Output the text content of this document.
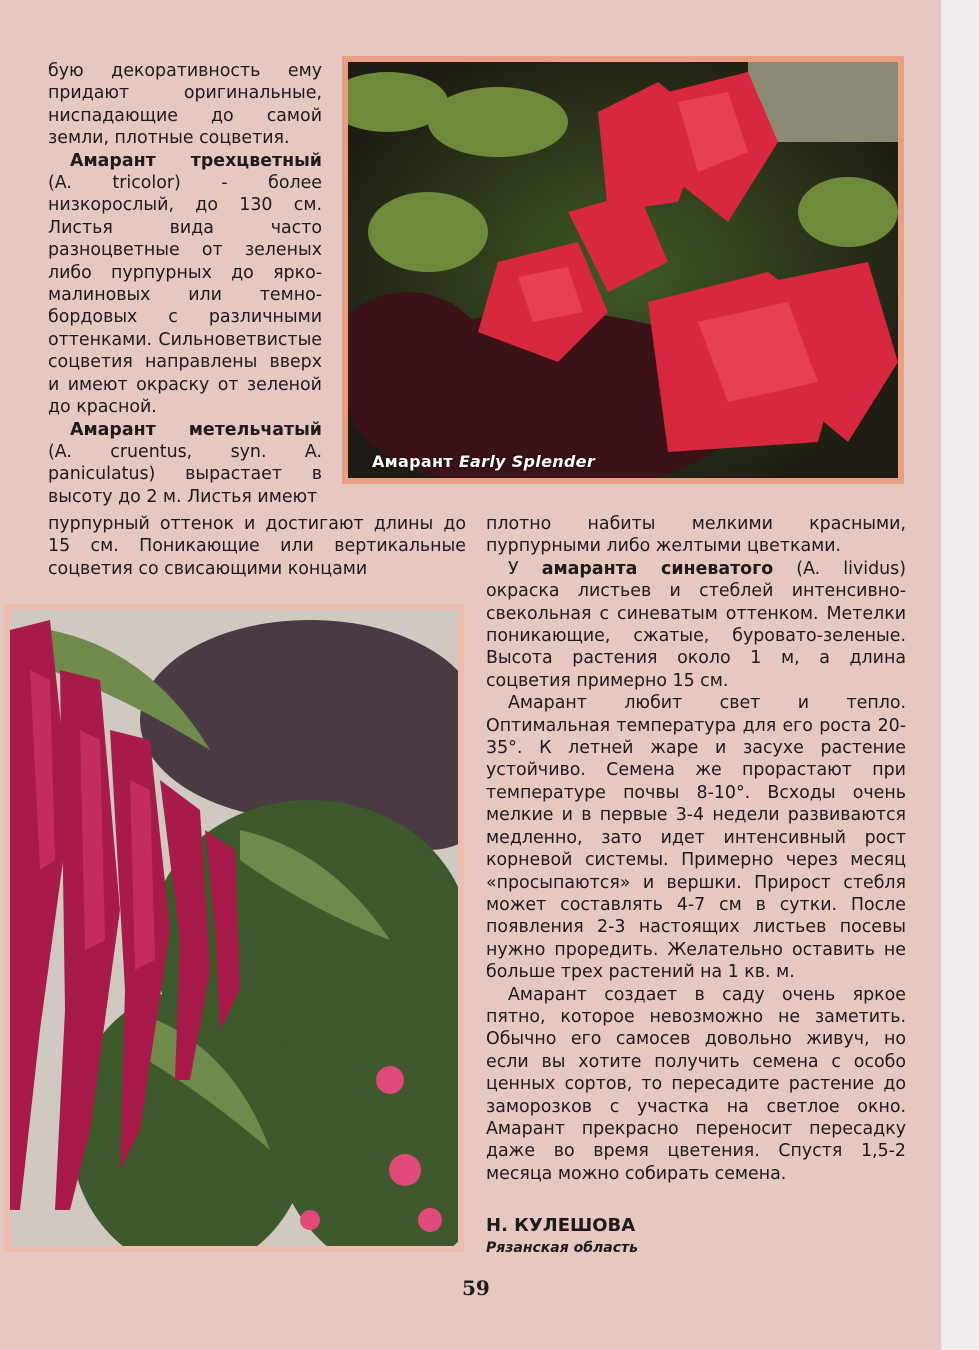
бую декоративность ему придают оригинальные, ниспадающие до самой земли, плотные соцветия.

Амарант трехцветный (A. tricolor) - более низкорослый, до 130 см. Листья вида часто разноцветные от зеленых либо пурпурных до ярко-малиновых или темно-бордовых с различными оттенками. Сильноветвистые соцветия направлены вверх и имеют окраску от зеленой до красной.

Амарант метельчатый (A. cruentus, syn. A. paniculatus) выраcтает в высоту до 2 м. Листья имеют

пурпурный оттенок и достигают длины до 15 см. Поникающие или вертикальные соцветия со свисающими концами

Амарант Early Splender

плотно набиты мелкими красными, пурпурными либо желтыми цветками.

У амаранта синеватого (A. lividus) окраска листьев и стеблей интенсивно-свекольная с синеватым оттенком. Метелки поникающие, сжатые, буровато-зеленые. Высота растения около 1 м, а длина соцветия примерно 15 см.

Амарант любит свет и тепло. Оптимальная температура для его роста 20-35°. К летней жаре и засухе растение устойчиво. Семена же прорастают при температуре почвы 8-10°. Всходы очень мелкие и в первые 3-4 недели развиваются медленно, зато идет интенсивный рост корневой системы. Примерно через месяц «просыпаются» и вершки. Прирост стебля может составлять 4-7 см в сутки. После появления 2-3 настоящих листьев посевы нужно проредить. Желательно оставить не больше трех растений на 1 кв. м.

Амарант создает в саду очень яркое пятно, которое невозможно не заметить. Обычно его самосев довольно живуч, но если вы хотите получить семена с особо ценных сортов, то пересадите растение до заморозков с участка на светлое окно. Амарант прекрасно переносит пересадку даже во время цветения. Спустя 1,5-2 месяца можно собирать семена.

Н. КУЛЕШОВА
Рязанская область
59
